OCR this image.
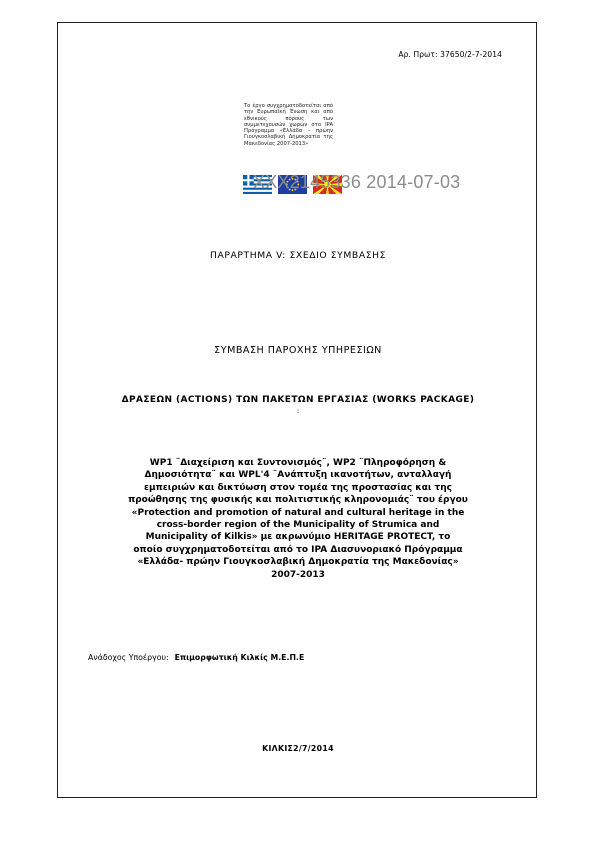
Αρ. Πρωτ: 37650/2-7-2014
Το έργο συγχρηματοδοτείται από την Ευρωπαϊκή Ένωση και από εθνικούς πόρους των συμμετεχουσών χωρών στο IPA Πρόγραμμα «Ελλάδα – πρώην Γιουγκοσλαβική Δημοκρατία της Μακεδονίας 2007-2013»
ΧΧΧ2145336 2014-07-03
ΠΑΡΑΡΤΗΜΑ V: ΣΧΕΔΙΟ ΣΥΜΒΑΣΗΣ
ΣΥΜΒΑΣΗ ΠΑΡΟΧΗΣ ΥΠΗΡΕΣΙΩΝ
ΔΡΑΣΕΩΝ (ACTIONS) ΤΩΝ ΠΑΚΕΤΩΝ ΕΡΓΑΣΙΑΣ (WORKS PACKAGE)
:
WP1 ¨Διαχείριση και Συντονισμός¨, WP2 ¨Πληροφόρηση &
Δημοσιότητα¨ και WPL'4 ¨Ανάπτυξη ικανοτήτων, ανταλλαγή
εμπειριών και δικτύωση στον τομέα της προστασίας και της
προώθησης της φυσικής και πολιτιστικής κληρονομιάς¨ του έργου
«Protection and promotion of natural and cultural heritage in the
cross-border region of the Municipality of Strumica and
Municipality of Kilkis» με ακρωνύμιο HERITAGE PROTECT, το
οποίο συγχρηματοδοτείται από το IPA Διασυνοριακό Πρόγραμμα
«Ελλάδα- πρώην Γιουγκοσλαβική Δημοκρατία της Μακεδονίας»
2007-2013
Ανάδοχος Υποέργου: Επιμορφωτική Κιλκίς Μ.Ε.Π.Ε
ΚΙΛΚΙΣ2/7/2014
